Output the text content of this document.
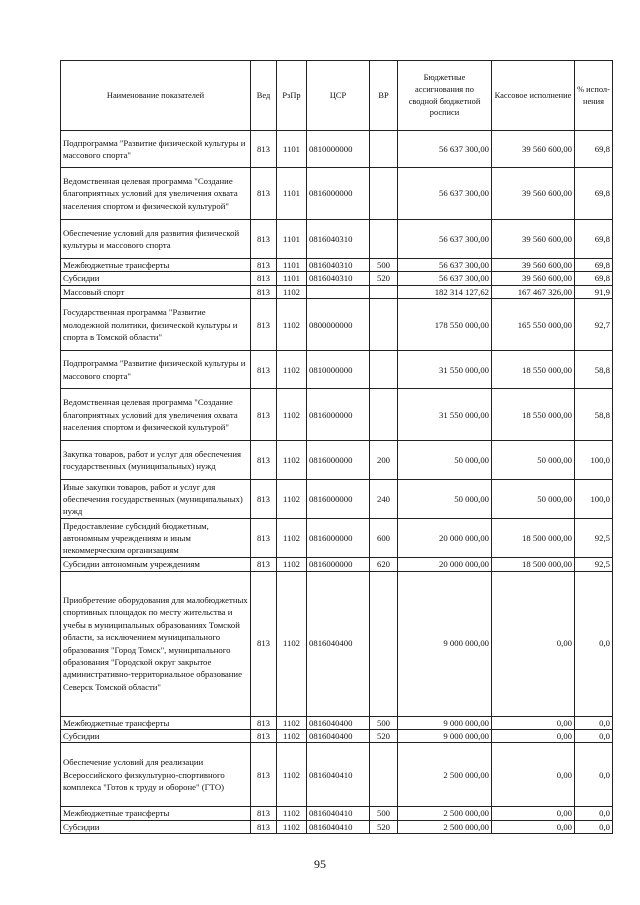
Наименование показателей	Вед	РзПр	ЦСР	ВР	Бюджетные ассигнования по сводной бюджетной росписи	Кассовое исполнение	% испол-нения
Подпрограмма "Развитие физической культуры и массового спорта"	813	1101	0810000000		56 637 300,00	39 560 600,00	69,8
Ведомственная целевая программа "Создание благоприятных условий для увеличения охвата населения спортом и физической культурой"	813	1101	0816000000		56 637 300,00	39 560 600,00	69,8
Обеспечение условий для развития физической культуры и массового спорта	813	1101	0816040310		56 637 300,00	39 560 600,00	69,8
Межбюджетные трансферты	813	1101	0816040310	500	56 637 300,00	39 560 600,00	69,8
Субсидии	813	1101	0816040310	520	56 637 300,00	39 560 600,00	69,8
Массовый спорт	813	1102			182 314 127,62	167 467 326,00	91,9
Государственная программа "Развитие молодежной политики, физической культуры и спорта в Томской области"	813	1102	0800000000		178 550 000,00	165 550 000,00	92,7
Подпрограмма "Развитие физической культуры и массового спорта"	813	1102	0810000000		31 550 000,00	18 550 000,00	58,8
Ведомственная целевая программа "Создание благоприятных условий для увеличения охвата населения спортом и физической культурой"	813	1102	0816000000		31 550 000,00	18 550 000,00	58,8
Закупка товаров, работ и услуг для обеспечения государственных (муниципальных) нужд	813	1102	0816000000	200	50 000,00	50 000,00	100,0
Иные закупки товаров, работ и услуг для обеспечения государственных (муниципальных) нужд	813	1102	0816000000	240	50 000,00	50 000,00	100,0
Предоставление субсидий бюджетным, автономным учреждениям и иным некоммерческим организациям	813	1102	0816000000	600	20 000 000,00	18 500 000,00	92,5
Субсидии автономным учреждениям	813	1102	0816000000	620	20 000 000,00	18 500 000,00	92,5
Приобретение оборудования для малобюджетных спортивных площадок по месту жительства и учебы в муниципальных образованиях Томской области, за исключением муниципального образования "Город Томск", муниципального образования "Городской округ закрытое административно-территориальное образование Северск Томской области"	813	1102	0816040400		9 000 000,00	0,00	0,0
Межбюджетные трансферты	813	1102	0816040400	500	9 000 000,00	0,00	0,0
Субсидии	813	1102	0816040400	520	9 000 000,00	0,00	0,0
Обеспечение условий для реализации Всероссийского физкультурно-спортивного комплекса "Готов к труду и обороне" (ГТО)	813	1102	0816040410		2 500 000,00	0,00	0,0
Межбюджетные трансферты	813	1102	0816040410	500	2 500 000,00	0,00	0,0
Субсидии	813	1102	0816040410	520	2 500 000,00	0,00	0,0
95
